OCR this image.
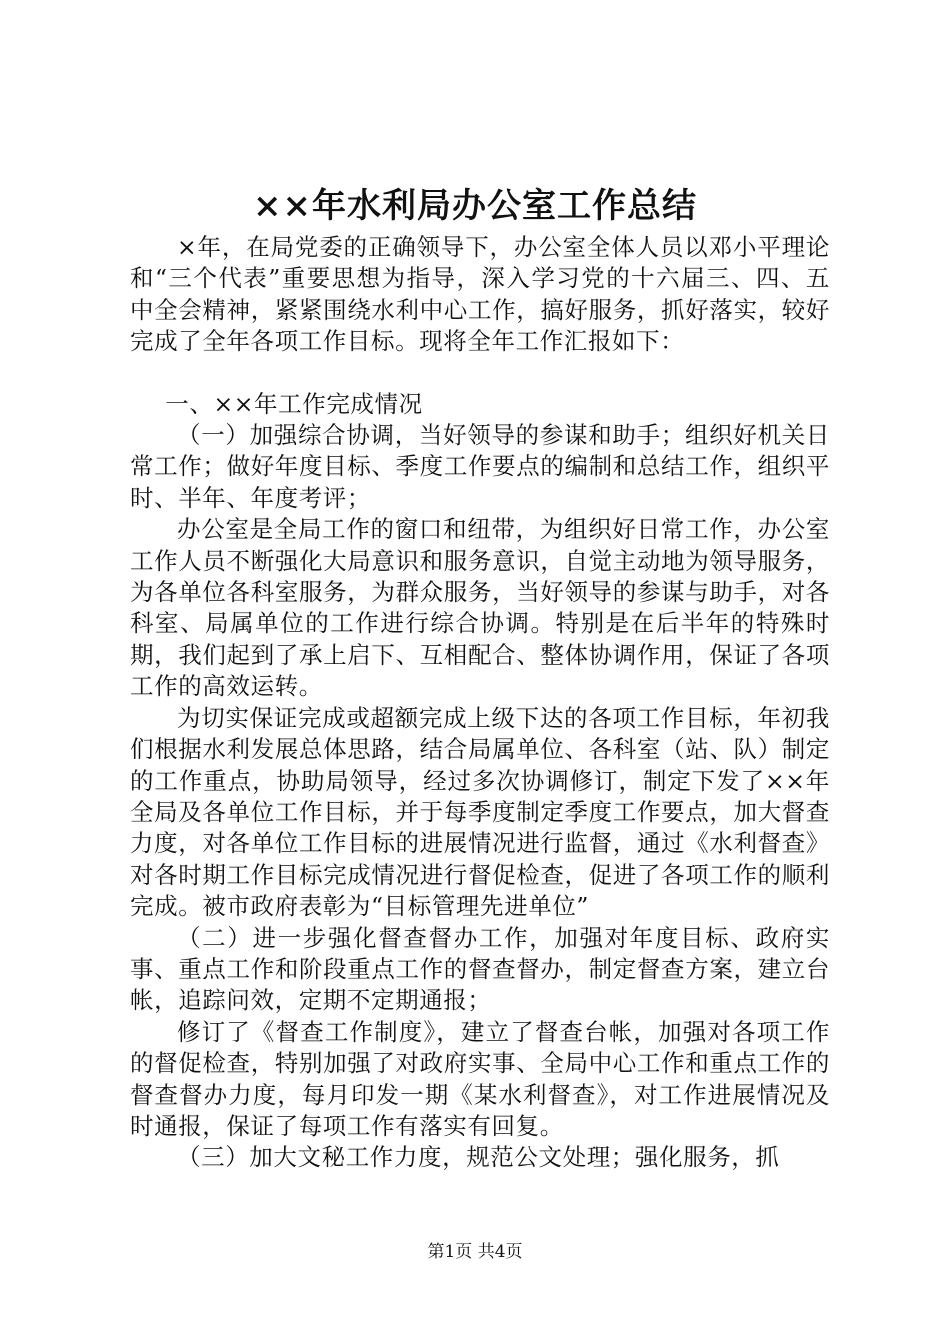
××年水利局办公室工作总结

×年，在局党委的正确领导下，办公室全体人员以邓小平理论和“三个代表”重要思想为指导，深入学习党的十六届三、四、五中全会精神，紧紧围绕水利中心工作，搞好服务，抓好落实，较好完成了全年各项工作目标。现将全年工作汇报如下：

一、××年工作完成情况

（一）加强综合协调，当好领导的参谋和助手；组织好机关日常工作；做好年度目标、季度工作要点的编制和总结工作，组织平时、半年、年度考评；

办公室是全局工作的窗口和纽带，为组织好日常工作，办公室工作人员不断强化大局意识和服务意识，自觉主动地为领导服务，为各单位各科室服务，为群众服务，当好领导的参谋与助手，对各科室、局属单位的工作进行综合协调。特别是在后半年的特殊时期，我们起到了承上启下、互相配合、整体协调作用，保证了各项工作的高效运转。

为切实保证完成或超额完成上级下达的各项工作目标，年初我们根据水利发展总体思路，结合局属单位、各科室（站、队）制定的工作重点，协助局领导，经过多次协调修订，制定下发了××年全局及各单位工作目标，并于每季度制定季度工作要点，加大督查力度，对各单位工作目标的进展情况进行监督，通过《水利督查》对各时期工作目标完成情况进行督促检查，促进了各项工作的顺利完成。被市政府表彰为“目标管理先进单位”

（二）进一步强化督查督办工作，加强对年度目标、政府实事、重点工作和阶段重点工作的督查督办，制定督查方案，建立台帐，追踪问效，定期不定期通报；

修订了《督查工作制度》，建立了督查台帐，加强对各项工作的督促检查，特别加强了对政府实事、全局中心工作和重点工作的督查督办力度，每月印发一期《某水利督查》，对工作进展情况及时通报，保证了每项工作有落实有回复。

（三）加大文秘工作力度，规范公文处理；强化服务，抓

第1页 共4页
